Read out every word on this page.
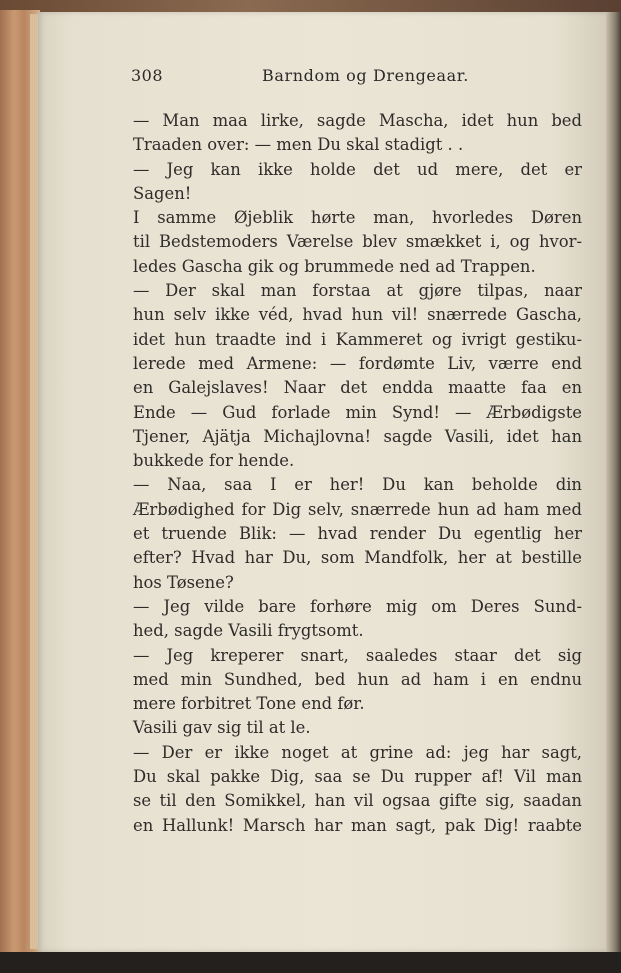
308	Barndom og Drengeaar.
— Man maa lirke, sagde Mascha, idet hun bed
Traaden over: — men Du skal stadigt . .
— Jeg kan ikke holde det ud mere, det er
Sagen!
I samme Øjeblik hørte man, hvorledes Døren
til Bedstemoders Værelse blev smækket i, og hvor-
ledes Gascha gik og brummede ned ad Trappen.
— Der skal man forstaa at gjøre tilpas, naar
hun selv ikke véd, hvad hun vil! snærrede Gascha,
idet hun traadte ind i Kammeret og ivrigt gestiku-
lerede med Armene: — fordømte Liv, værre end
en Galejslaves! Naar det endda maatte faa en
Ende — Gud forlade min Synd! — Ærbødigste
Tjener, Ajätja Michajlovna! sagde Vasili, idet han
bukkede for hende.
— Naa, saa I er her! Du kan beholde din
Ærbødighed for Dig selv, snærrede hun ad ham med
et truende Blik: — hvad render Du egentlig her
efter? Hvad har Du, som Mandfolk, her at bestille
hos Tøsene?
— Jeg vilde bare forhøre mig om Deres Sund-
hed, sagde Vasili frygtsomt.
— Jeg kreperer snart, saaledes staar det sig
med min Sundhed, bed hun ad ham i en endnu
mere forbitret Tone end før.
Vasili gav sig til at le.
— Der er ikke noget at grine ad: jeg har sagt,
Du skal pakke Dig, saa se Du rupper af! Vil man
se til den Somikkel, han vil ogsaa gifte sig, saadan
en Hallunk! Marsch har man sagt, pak Dig! raabte
